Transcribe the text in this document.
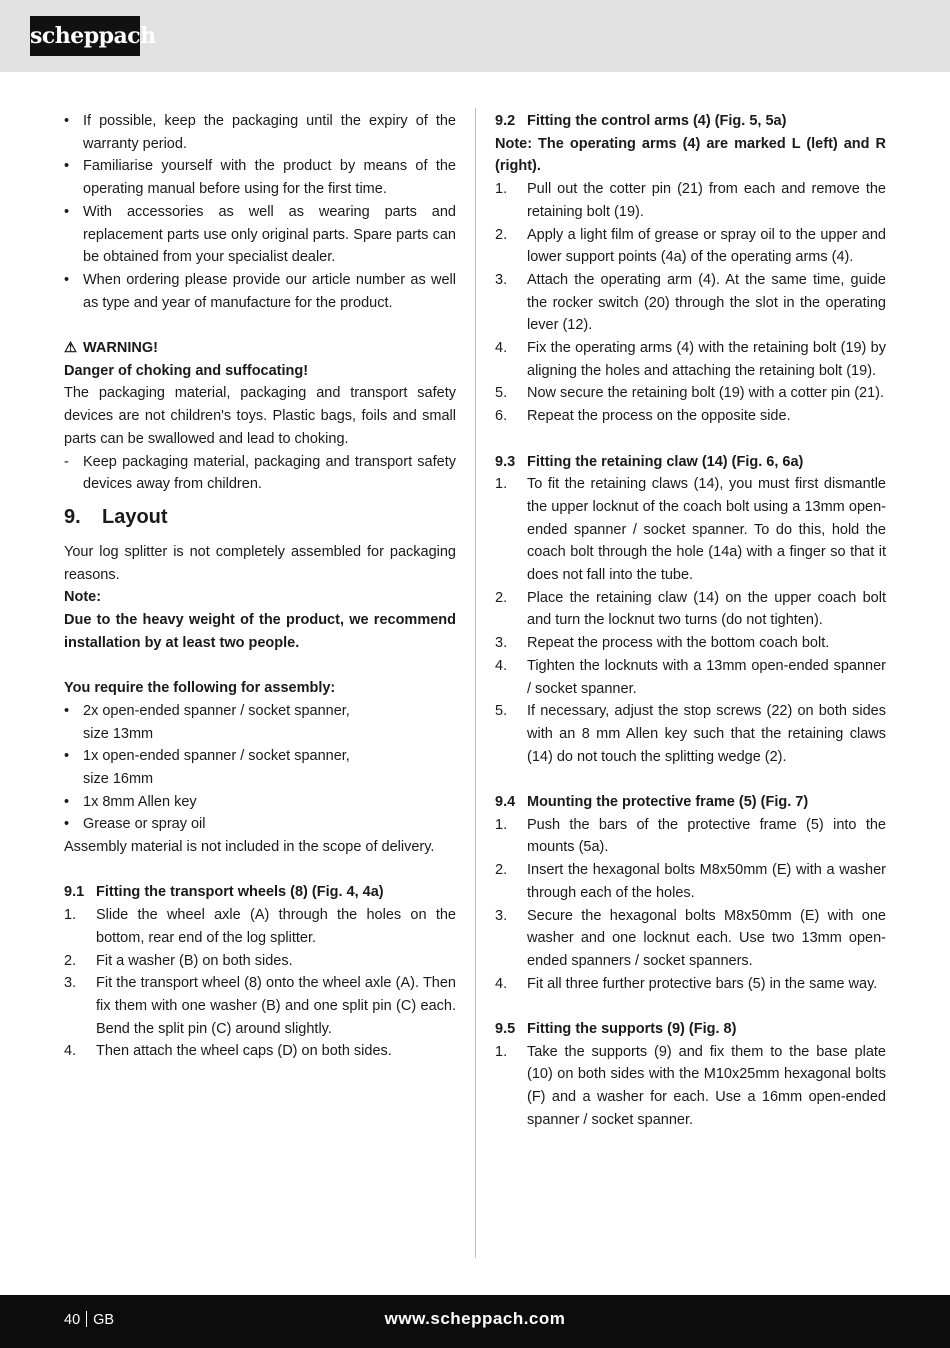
scheppach
• If possible, keep the packaging until the expiry of the warranty period.
• Familiarise yourself with the product by means of the operating manual before using for the first time.
• With accessories as well as wearing parts and replacement parts use only original parts. Spare parts can be obtained from your specialist dealer.
• When ordering please provide our article number as well as type and year of manufacture for the product.

⚠ WARNING!

Danger of choking and suffocating!

The packaging material, packaging and transport safety devices are not children's toys. Plastic bags, foils and small parts can be swallowed and lead to choking.

- Keep packaging material, packaging and transport safety devices away from children.
9. Layout

Your log splitter is not completely assembled for packaging reasons.

Note:

Due to the heavy weight of the product, we recommend installation by at least two people.

You require the following for assembly:

• 2x open-ended spanner / socket spanner,
size 13mm
• 1x open-ended spanner / socket spanner,
size 16mm
• 1x 8mm Allen key
• Grease or spray oil

Assembly material is not included in the scope of delivery.

9.1 Fitting the transport wheels (8) (Fig. 4, 4a)

1. Slide the wheel axle (A) through the holes on the bottom, rear end of the log splitter.
2. Fit a washer (B) on both sides.
3. Fit the transport wheel (8) onto the wheel axle (A). Then fix them with one washer (B) and one split pin (C) each. Bend the split pin (C) around slightly.
4. Then attach the wheel caps (D) on both sides.

9.2 Fitting the control arms (4) (Fig. 5, 5a)

Note: The operating arms (4) are marked L (left) and R (right).

1. Pull out the cotter pin (21) from each and remove the retaining bolt (19).
2. Apply a light film of grease or spray oil to the upper and lower support points (4a) of the operating arms (4).
3. Attach the operating arm (4). At the same time, guide the rocker switch (20) through the slot in the operating lever (12).
4. Fix the operating arms (4) with the retaining bolt (19) by aligning the holes and attaching the retaining bolt (19).
5. Now secure the retaining bolt (19) with a cotter pin (21).
6. Repeat the process on the opposite side.

9.3 Fitting the retaining claw (14) (Fig. 6, 6a)

1. To fit the retaining claws (14), you must first dismantle the upper locknut of the coach bolt using a 13mm open-ended spanner / socket spanner. To do this, hold the coach bolt through the hole (14a) with a finger so that it does not fall into the tube.
2. Place the retaining claw (14) on the upper coach bolt and turn the locknut two turns (do not tighten).
3. Repeat the process with the bottom coach bolt.
4. Tighten the locknuts with a 13mm open-ended spanner / socket spanner.
5. If necessary, adjust the stop screws (22) on both sides with an 8 mm Allen key such that the retaining claws (14) do not touch the splitting wedge (2).

9.4 Mounting the protective frame (5) (Fig. 7)

1. Push the bars of the protective frame (5) into the mounts (5a).
2. Insert the hexagonal bolts M8x50mm (E) with a washer through each of the holes.
3. Secure the hexagonal bolts M8x50mm (E) with one washer and one locknut each. Use two 13mm open-ended spanners / socket spanners.
4. Fit all three further protective bars (5) in the same way.

9.5 Fitting the supports (9) (Fig. 8)

1. Take the supports (9) and fix them to the base plate (10) on both sides with the M10x25mm hexagonal bolts (F) and a washer for each. Use a 16mm open-ended spanner / socket spanner.
40 GB	www.scheppach.com
